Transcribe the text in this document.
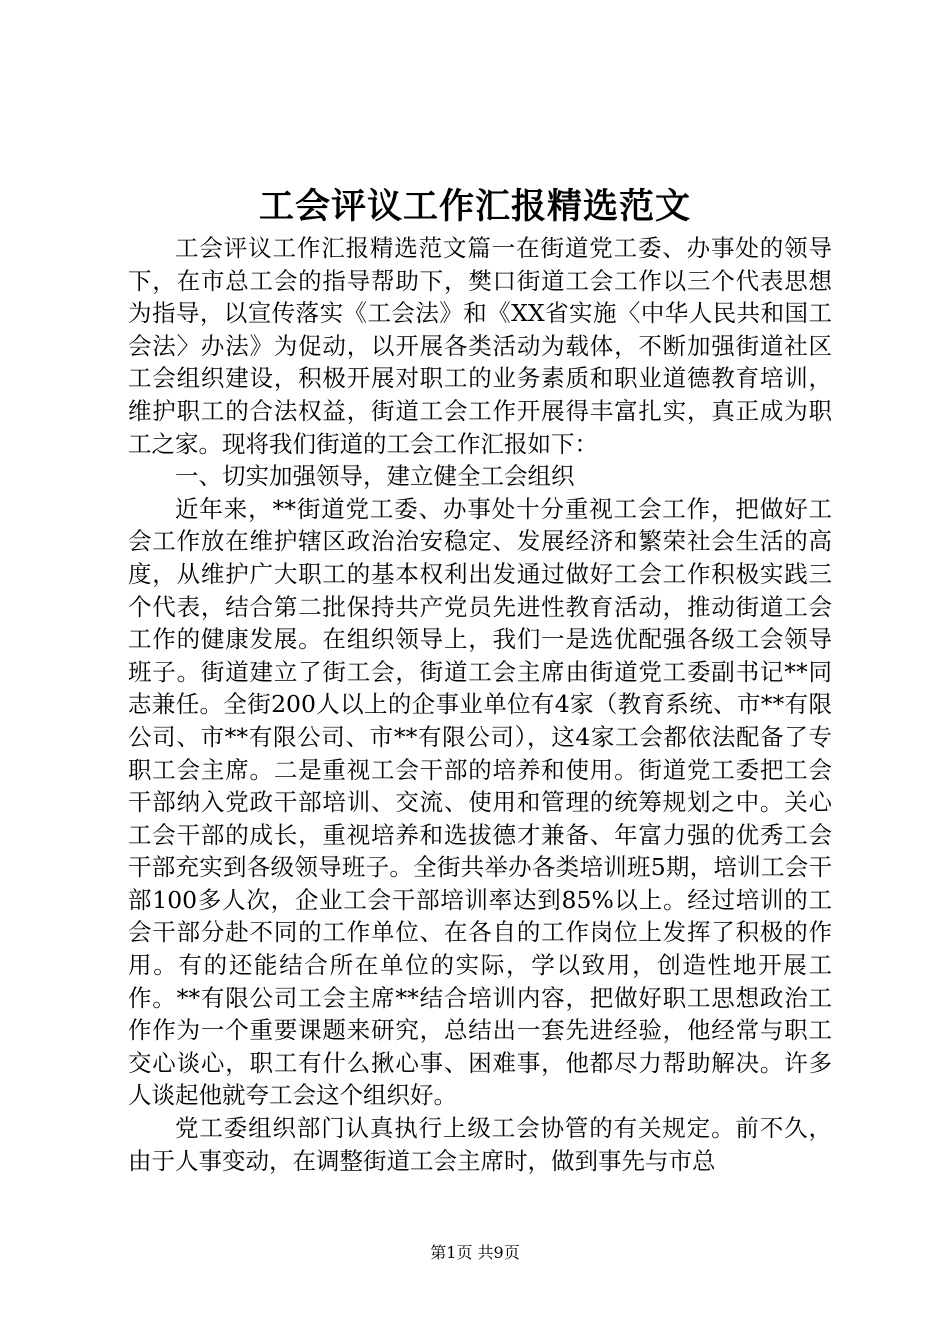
工会评议工作汇报精选范文

工会评议工作汇报精选范文篇一在街道党工委、办事处的领导下，在市总工会的指导帮助下，樊口街道工会工作以三个代表思想为指导，以宣传落实《工会法》和《XX省实施〈中华人民共和国工会法〉办法》为促动，以开展各类活动为载体，不断加强街道社区工会组织建设，积极开展对职工的业务素质和职业道德教育培训，维护职工的合法权益，街道工会工作开展得丰富扎实，真正成为职工之家。现将我们街道的工会工作汇报如下：

一、切实加强领导，建立健全工会组织

近年来，**街道党工委、办事处十分重视工会工作，把做好工会工作放在维护辖区政治治安稳定、发展经济和繁荣社会生活的高度，从维护广大职工的基本权利出发通过做好工会工作积极实践三个代表，结合第二批保持共产党员先进性教育活动，推动街道工会工作的健康发展。在组织领导上，我们一是选优配强各级工会领导班子。街道建立了街工会，街道工会主席由街道党工委副书记**同志兼任。全街200人以上的企事业单位有4家（教育系统、市**有限公司、市**有限公司、市**有限公司），这4家工会都依法配备了专职工会主席。二是重视工会干部的培养和使用。街道党工委把工会干部纳入党政干部培训、交流、使用和管理的统筹规划之中。关心工会干部的成长，重视培养和选拔德才兼备、年富力强的优秀工会干部充实到各级领导班子。全街共举办各类培训班5期，培训工会干部100多人次，企业工会干部培训率达到85%以上。经过培训的工会干部分赴不同的工作单位、在各自的工作岗位上发挥了积极的作用。有的还能结合所在单位的实际，学以致用，创造性地开展工作。**有限公司工会主席**结合培训内容，把做好职工思想政治工作作为一个重要课题来研究，总结出一套先进经验，他经常与职工交心谈心，职工有什么揪心事、困难事，他都尽力帮助解决。许多人谈起他就夸工会这个组织好。

党工委组织部门认真执行上级工会协管的有关规定。前不久，由于人事变动，在调整街道工会主席时，做到事先与市总

第1页 共9页
